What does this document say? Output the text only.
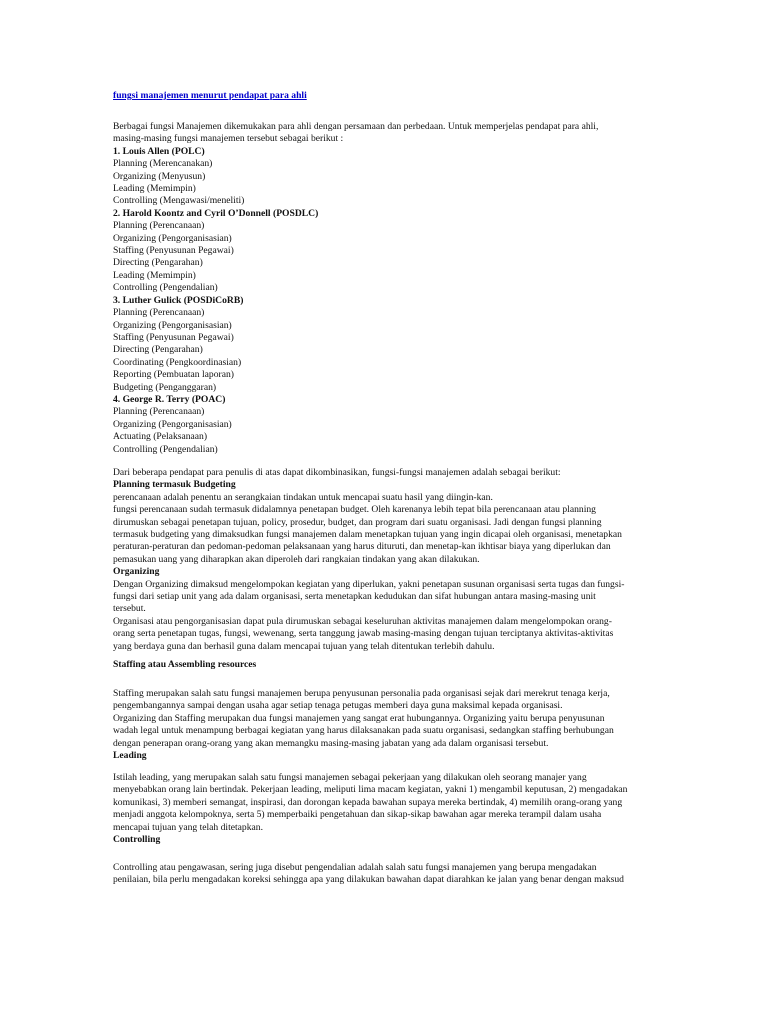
fungsi manajemen menurut pendapat para ahli
Berbagai fungsi Manajemen dikemukakan para ahli dengan persamaan dan perbedaan. Untuk memperjelas pendapat para ahli,
masing-masing fungsi manajemen tersebut sebagai berikut :
1. Louis Allen (POLC)
Planning (Merencanakan)
Organizing (Menyusun)
Leading (Memimpin)
Controlling (Mengawasi/meneliti)
2. Harold Koontz and Cyril O’Donnell (POSDLC)
Planning (Perencanaan)
Organizing (Pengorganisasian)
Staffing (Penyusunan Pegawai)
Directing (Pengarahan)
Leading (Memimpin)
Controlling (Pengendalian)
3. Luther Gulick (POSDiCoRB)
Planning (Perencanaan)
Organizing (Pengorganisasian)
Staffing (Penyusunan Pegawai)
Directing (Pengarahan)
Coordinating (Pengkoordinasian)
Reporting (Pembuatan laporan)
Budgeting (Penganggaran)
4. George R. Terry (POAC)
Planning (Perencanaan)
Organizing (Pengorganisasian)
Actuating (Pelaksanaan)
Controlling (Pengendalian)
Dari beberapa pendapat para penulis di atas dapat dikombinasikan, fungsi-fungsi manajemen adalah sebagai berikut:
Planning termasuk Budgeting
perencanaan adalah penentu an serangkaian tindakan untuk mencapai suatu hasil yang diingin-kan.
fungsi perencanaan sudah termasuk didalamnya penetapan budget. Oleh karenanya lebih tepat bila perencanaan atau planning
dirumuskan sebagai penetapan tujuan, policy, prosedur, budget, dan program dari suatu organisasi. Jadi dengan fungsi planning
termasuk budgeting yang dimaksudkan fungsi manajemen dalam menetapkan tujuan yang ingin dicapai oleh organisasi, menetapkan
peraturan-peraturan dan pedoman-pedoman pelaksanaan yang harus dituruti, dan menetap-kan ikhtisar biaya yang diperlukan dan
pemasukan uang yang diharapkan akan diperoleh dari rangkaian tindakan yang akan dilakukan.
Organizing
Dengan Organizing dimaksud mengelompokan kegiatan yang diperlukan, yakni penetapan susunan organisasi serta tugas dan fungsi-
fungsi dari setiap unit yang ada dalam organisasi, serta menetapkan kedudukan dan sifat hubungan antara masing-masing unit
tersebut.
Organisasi atau pengorganisasian dapat pula dirumuskan sebagai keseluruhan aktivitas manajemen dalam mengelompokan orang-
orang serta penetapan tugas, fungsi, wewenang, serta tanggung jawab masing-masing dengan tujuan terciptanya aktivitas-aktivitas
yang berdaya guna dan berhasil guna dalam mencapai tujuan yang telah ditentukan terlebih dahulu.
Staffing atau Assembling resources
Staffing merupakan salah satu fungsi manajemen berupa penyusunan personalia pada organisasi sejak dari merekrut tenaga kerja,
pengembangannya sampai dengan usaha agar setiap tenaga petugas memberi daya guna maksimal kepada organisasi.
Organizing dan Staffing merupakan dua fungsi manajemen yang sangat erat hubungannya. Organizing yaitu berupa penyusunan
wadah legal untuk menampung berbagai kegiatan yang harus dilaksanakan pada suatu organisasi, sedangkan staffing berhubungan
dengan penerapan orang-orang yang akan memangku masing-masing jabatan yang ada dalam organisasi tersebut.
Leading
Istilah leading, yang merupakan salah satu fungsi manajemen sebagai pekerjaan yang dilakukan oleh seorang manajer yang
menyebabkan orang lain bertindak. Pekerjaan leading, meliputi lima macam kegiatan, yakni 1) mengambil keputusan, 2) mengadakan
komunikasi, 3) memberi semangat, inspirasi, dan dorongan kepada bawahan supaya mereka bertindak, 4) memilih orang-orang yang
menjadi anggota kelompoknya, serta 5) memperbaiki pengetahuan dan sikap-sikap bawahan agar mereka terampil dalam usaha
mencapai tujuan yang telah ditetapkan.
Controlling
Controlling atau pengawasan, sering juga disebut pengendalian adalah salah satu fungsi manajemen yang berupa mengadakan
penilaian, bila perlu mengadakan koreksi sehingga apa yang dilakukan bawahan dapat diarahkan ke jalan yang benar dengan maksud
